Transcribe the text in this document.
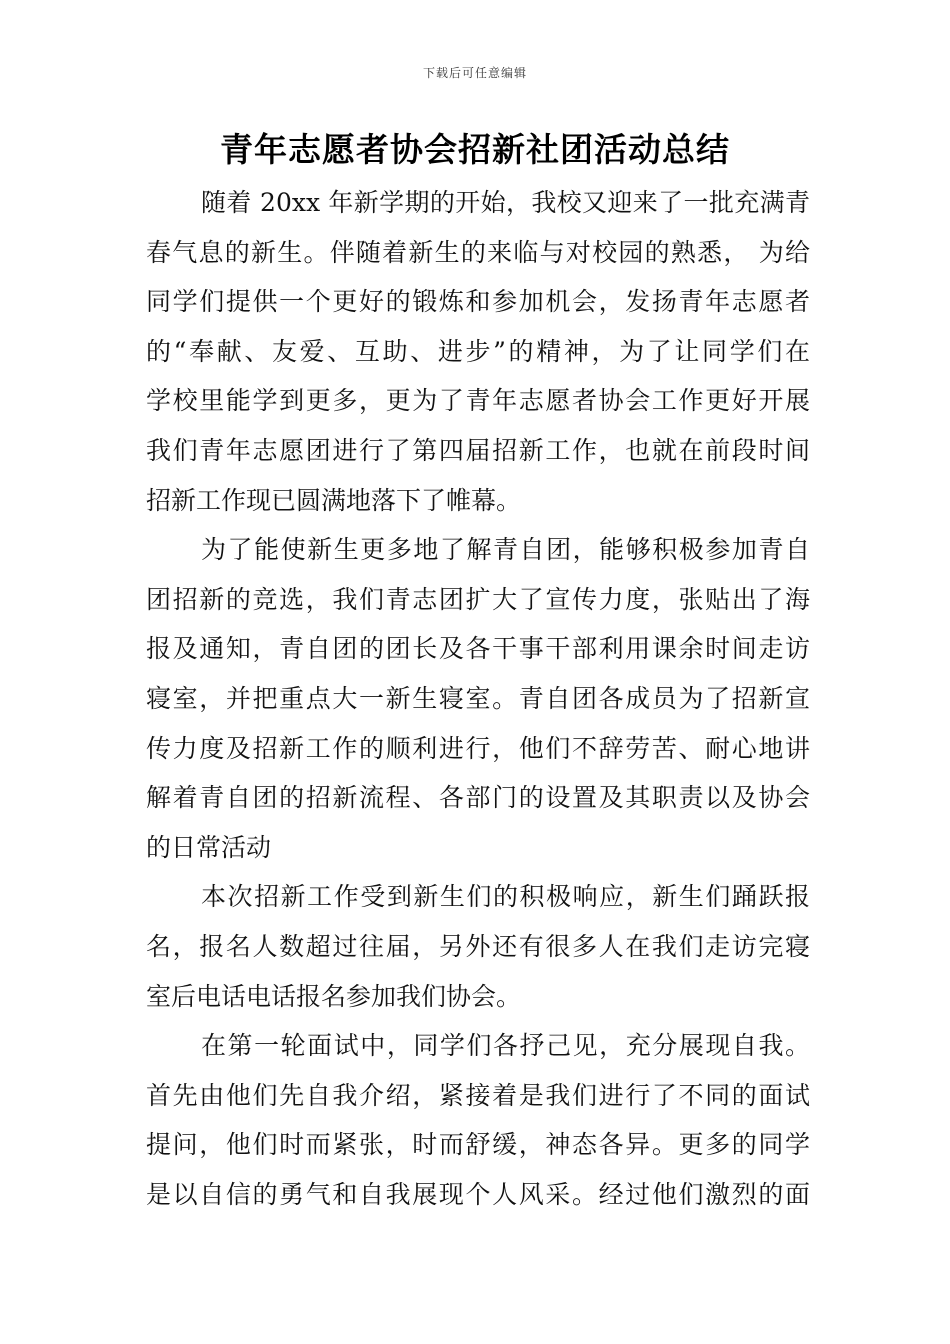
下载后可任意编辑
青年志愿者协会招新社团活动总结
随着 20xx 年新学期的开始，我校又迎来了一批充满青
春气息的新生。伴随着新生的来临与对校园的熟悉， 为给
同学们提供一个更好的锻炼和参加机会，发扬青年志愿者
的“奉献、友爱、互助、进步”的精神，为了让同学们在
学校里能学到更多，更为了青年志愿者协会工作更好开展
我们青年志愿团进行了第四届招新工作，也就在前段时间
招新工作现已圆满地落下了帷幕。
为了能使新生更多地了解青自团，能够积极参加青自
团招新的竞选，我们青志团扩大了宣传力度，张贴出了海
报及通知，青自团的团长及各干事干部利用课余时间走访
寝室，并把重点大一新生寝室。青自团各成员为了招新宣
传力度及招新工作的顺利进行，他们不辞劳苦、耐心地讲
解着青自团的招新流程、各部门的设置及其职责以及协会
的日常活动
本次招新工作受到新生们的积极响应，新生们踊跃报
名，报名人数超过往届，另外还有很多人在我们走访完寝
室后电话电话报名参加我们协会。
在第一轮面试中，同学们各抒己见，充分展现自我。
首先由他们先自我介绍，紧接着是我们进行了不同的面试
提问，他们时而紧张，时而舒缓，神态各异。更多的同学
是以自信的勇气和自我展现个人风采。经过他们激烈的面
